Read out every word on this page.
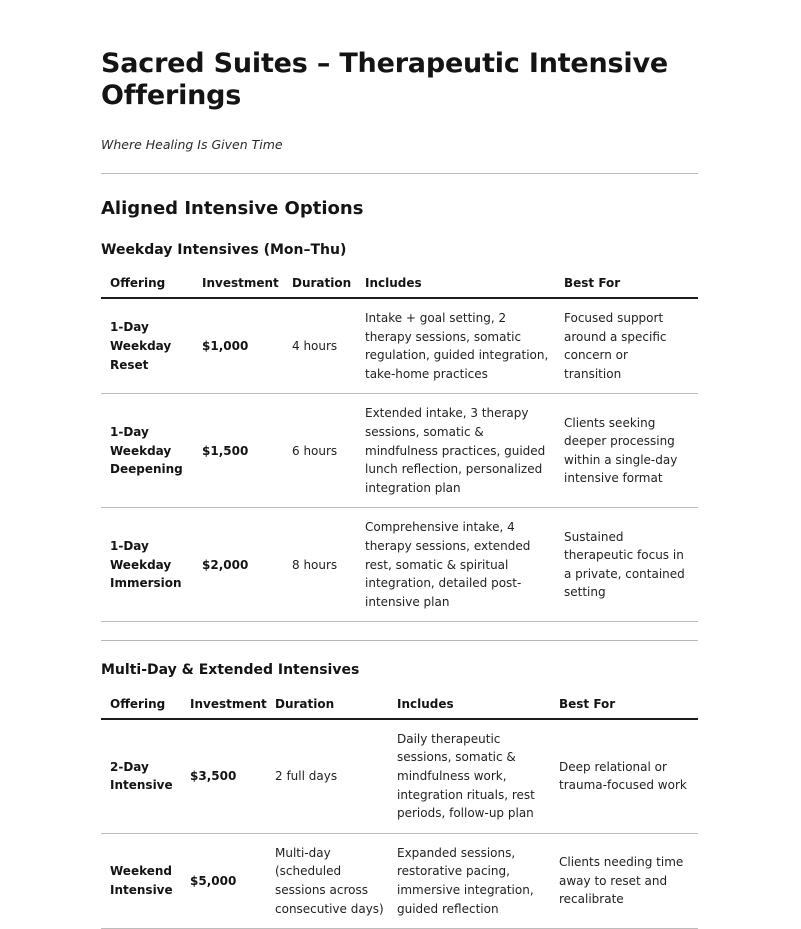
Sacred Suites – Therapeutic Intensive Offerings

Where Healing Is Given Time

Aligned Intensive Options
Weekday Intensives (Mon–Thu)
Offering	Investment	Duration	Includes	Best For
1-Day Weekday Reset	$1,000	4 hours	Intake + goal setting, 2 therapy sessions, somatic regulation, guided integration, take-home practices	Focused support around a specific concern or transition
1-Day Weekday Deepening	$1,500	6 hours	Extended intake, 3 therapy sessions, somatic & mindfulness practices, guided lunch reflection, personalized integration plan	Clients seeking deeper processing within a single-day intensive format
1-Day Weekday Immersion	$2,000	8 hours	Comprehensive intake, 4 therapy sessions, extended rest, somatic & spiritual integration, detailed post-intensive plan	Sustained therapeutic focus in a private, contained setting
Multi-Day & Extended Intensives
Offering	Investment	Duration	Includes	Best For
2-Day Intensive	$3,500	2 full days	Daily therapeutic sessions, somatic & mindfulness work, integration rituals, rest periods, follow-up plan	Deep relational or trauma-focused work
Weekend Intensive	$5,000	Multi-day (scheduled sessions across consecutive days)	Expanded sessions, restorative pacing, immersive integration, guided reflection	Clients needing time away to reset and recalibrate
